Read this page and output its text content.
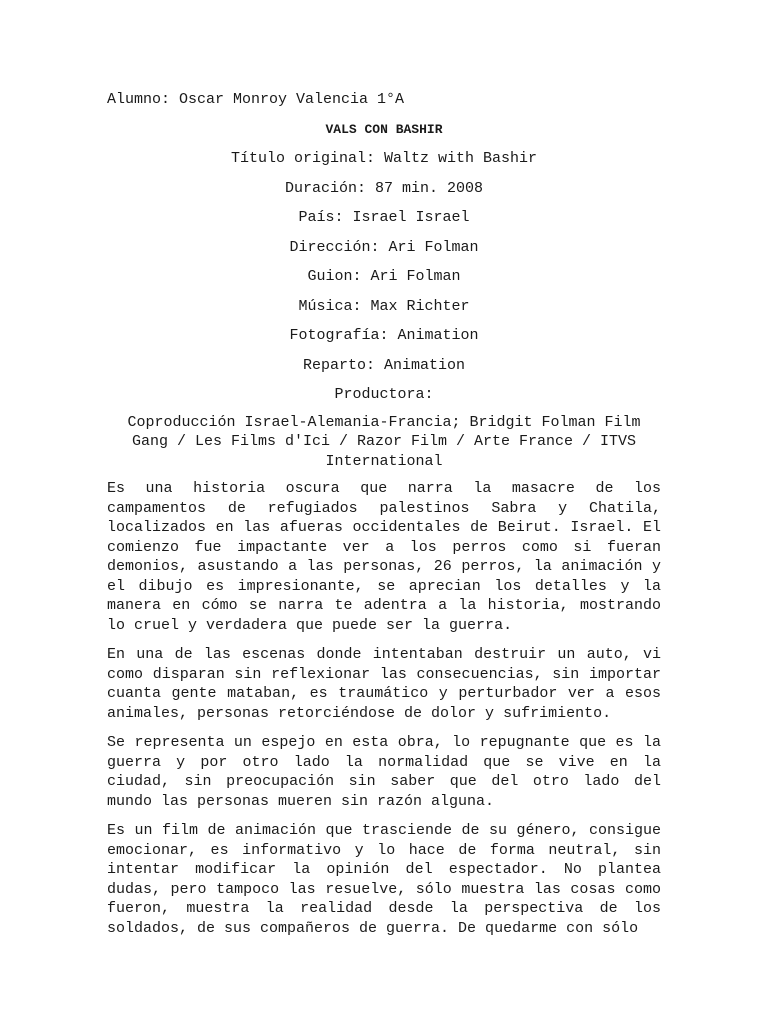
Alumno: Oscar Monroy Valencia 1°A

VALS CON BASHIR

Título original: Waltz with Bashir

Duración: 87 min. 2008

País: Israel Israel

Dirección: Ari Folman

Guion: Ari Folman

Música: Max Richter

Fotografía: Animation

Reparto: Animation

Productora:

Coproducción Israel-Alemania-Francia; Bridgit Folman Film Gang / Les Films d'Ici / Razor Film / Arte France / ITVS International

Es una historia oscura que narra la masacre de los campamentos de refugiados palestinos Sabra y Chatila, localizados en las afueras occidentales de Beirut. Israel. El comienzo fue impactante ver a los perros como si fueran demonios, asustando a las personas, 26 perros, la animación y el dibujo es impresionante, se aprecian los detalles y la manera en cómo se narra te adentra a la historia, mostrando lo cruel y verdadera que puede ser la guerra.

En una de las escenas donde intentaban destruir un auto, vi como disparan sin reflexionar las consecuencias, sin importar cuanta gente mataban, es traumático y perturbador ver a esos animales, personas retorciéndose de dolor y sufrimiento.

Se representa un espejo en esta obra, lo repugnante que es la guerra y por otro lado la normalidad que se vive en la ciudad, sin preocupación sin saber que del otro lado del mundo las personas mueren sin razón alguna.

Es un film de animación que trasciende de su género, consigue emocionar, es informativo y lo hace de forma neutral, sin intentar modificar la opinión del espectador. No plantea dudas, pero tampoco las resuelve, sólo muestra las cosas como fueron, muestra la realidad desde la perspectiva de los soldados, de sus compañeros de guerra. De quedarme con sólo
